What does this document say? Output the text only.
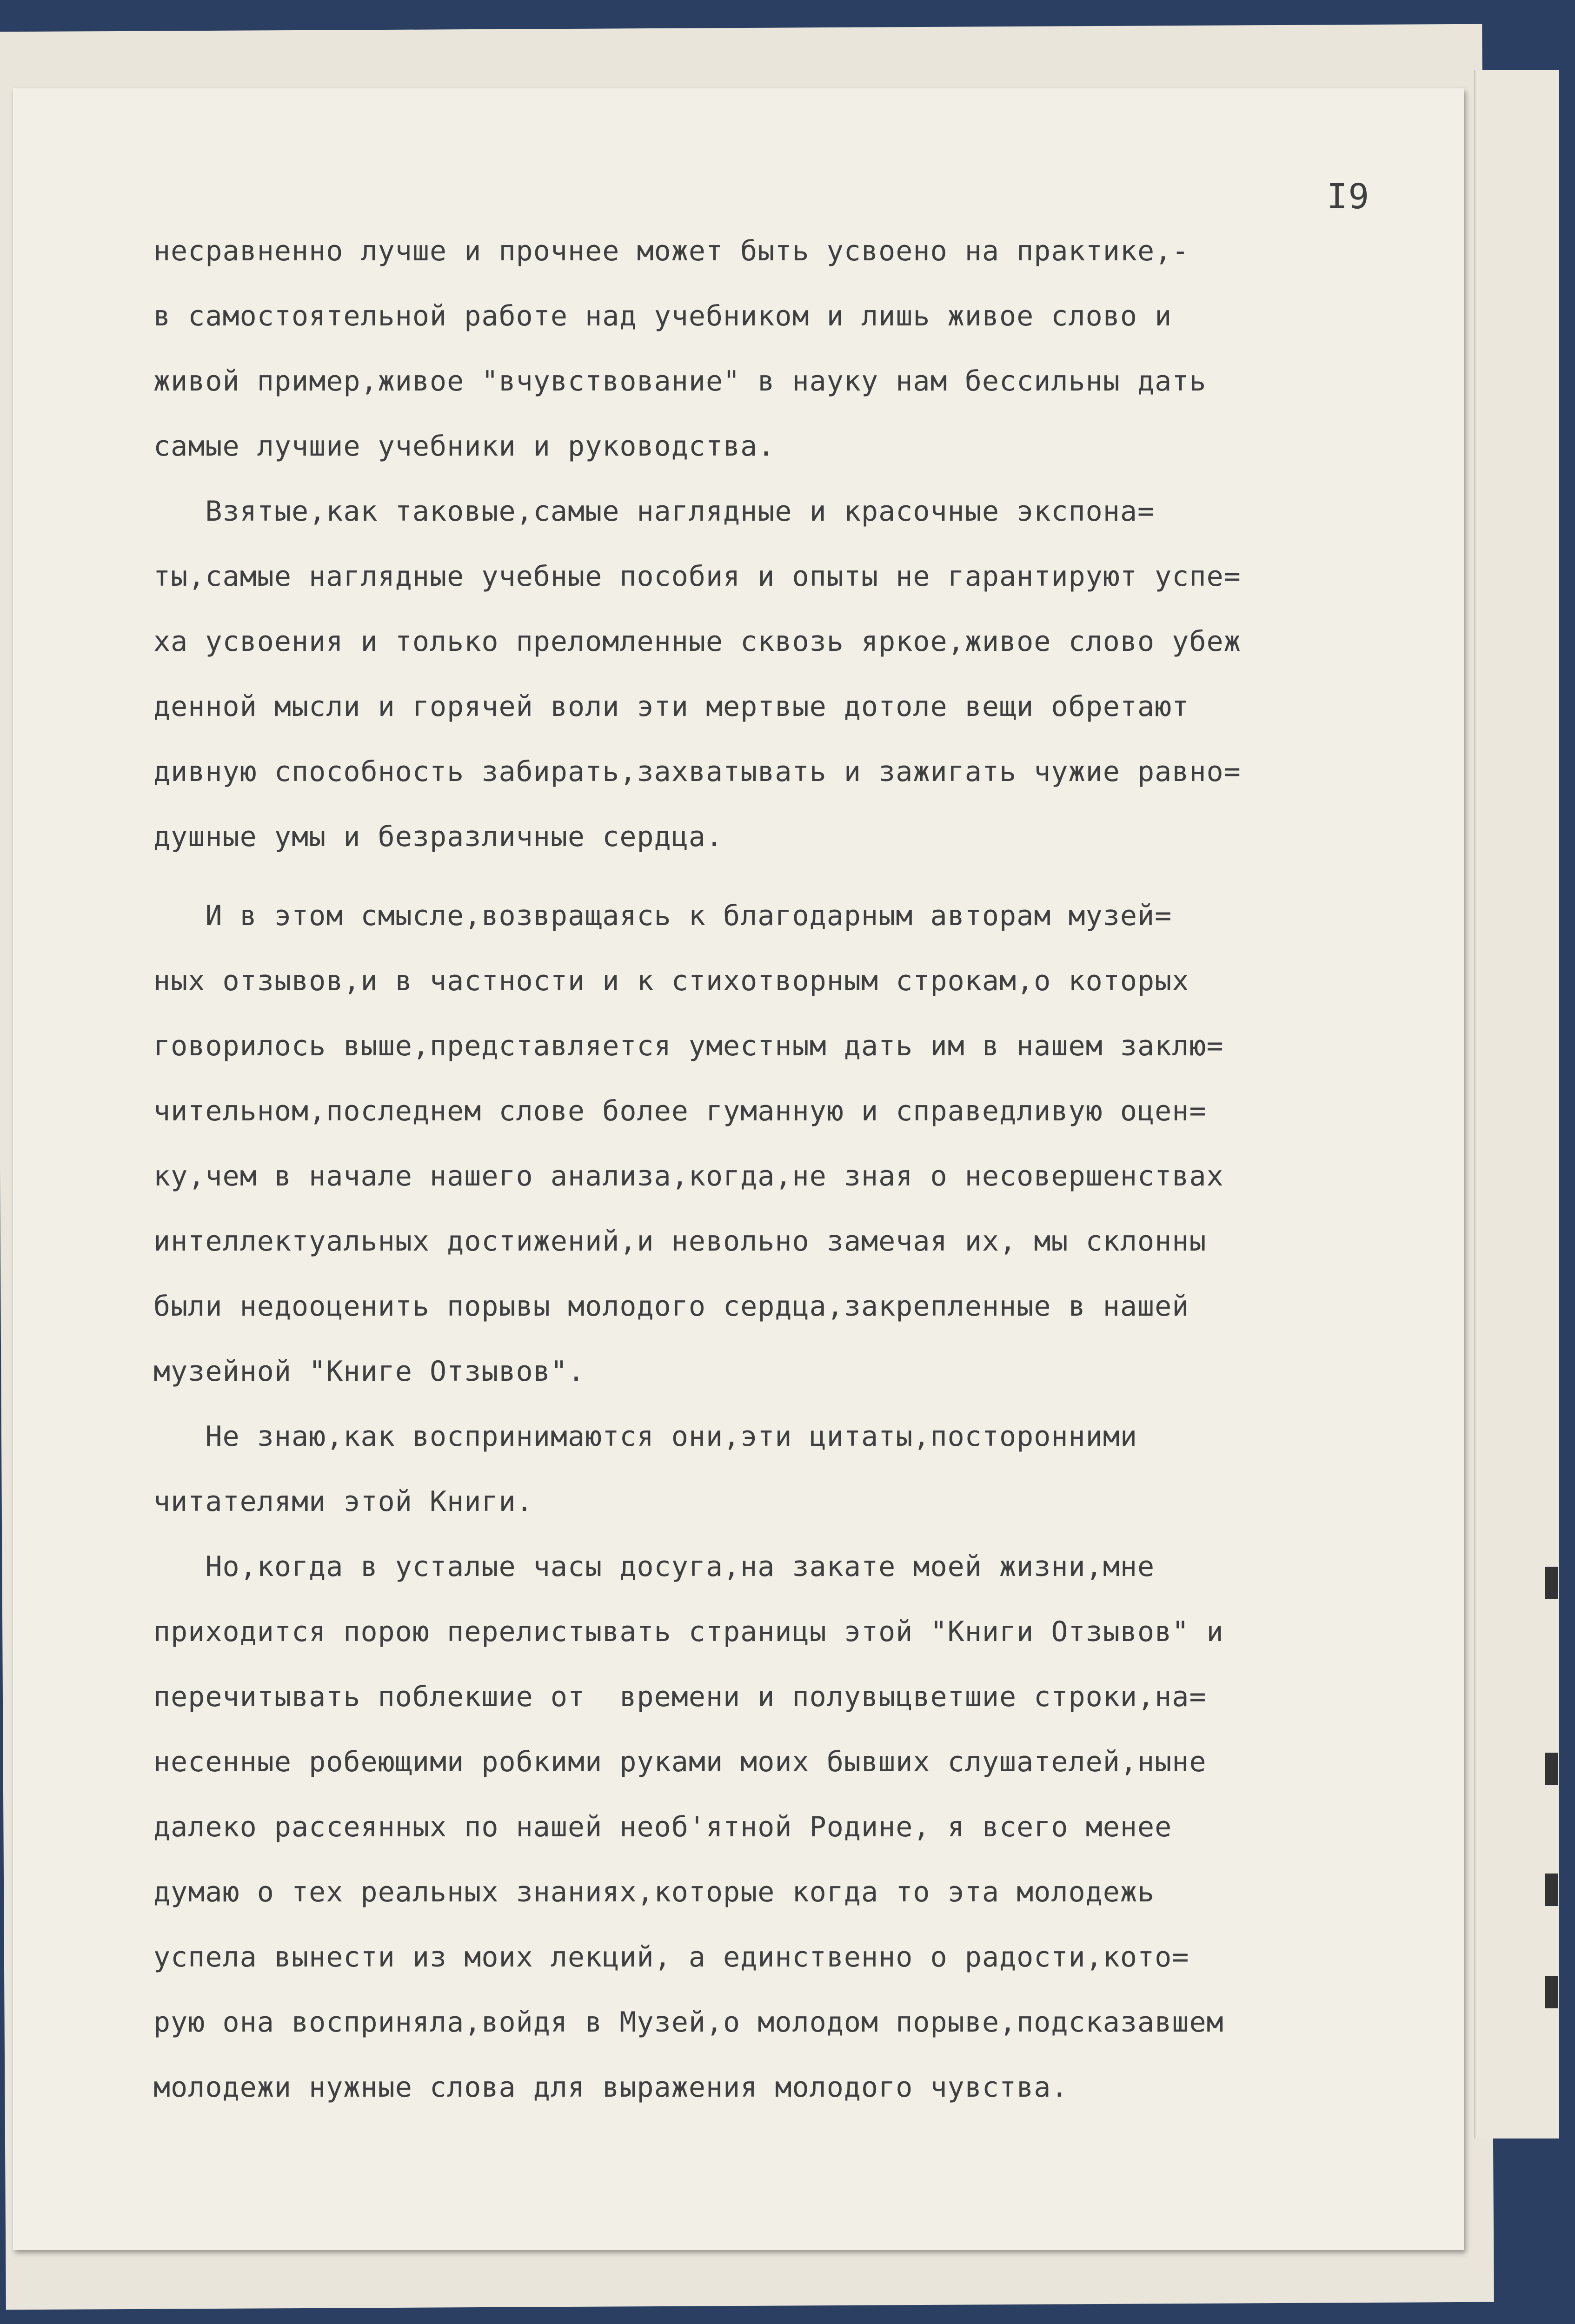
I9
несравненно лучше и прочнее может быть усвоено на практике,-
в самостоятельной работе над учебником и лишь живое слово и
живой пример,живое "вчувствование" в науку нам бессильны дать
самые лучшие учебники и руководства.
Взятые,как таковые,самые наглядные и красочные экспона=
ты,самые наглядные учебные пособия и опыты не гарантируют успе=
ха усвоения и только преломленные сквозь яркое,живое слово убеж
денной мысли и горячей воли эти мертвые дотоле вещи обретают
дивную способность забирать,захватывать и зажигать чужие равно=
душные умы и безразличные сердца.
И в этом смысле,возвращаясь к благодарным авторам музей=
ных отзывов,и в частности и к стихотворным строкам,о которых
говорилось выше,представляется уместным дать им в нашем заклю=
чительном,последнем слове более гуманную и справедливую оцен=
ку,чем в начале нашего анализа,когда,не зная о несовершенствах
интеллектуальных достижений,и невольно замечая их, мы склонны
были недооценить порывы молодого сердца,закрепленные в нашей
музейной "Книге Отзывов".
Не знаю,как воспринимаются они,эти цитаты,посторонними
читателями этой Книги.
Но,когда в усталые часы досуга,на закате моей жизни,мне
приходится порою перелистывать страницы этой "Книги Отзывов" и
перечитывать поблекшие от  времени и полувыцветшие строки,на=
несенные робеющими робкими руками моих бывших слушателей,ныне
далеко рассеянных по нашей необ'ятной Родине, я всего менее
думаю о тех реальных знаниях,которые когда то эта молодежь
успела вынести из моих лекций, а единственно о радости,кото=
рую она восприняла,войдя в Музей,о молодом порыве,подсказавшем
молодежи нужные слова для выражения молодого чувства.
